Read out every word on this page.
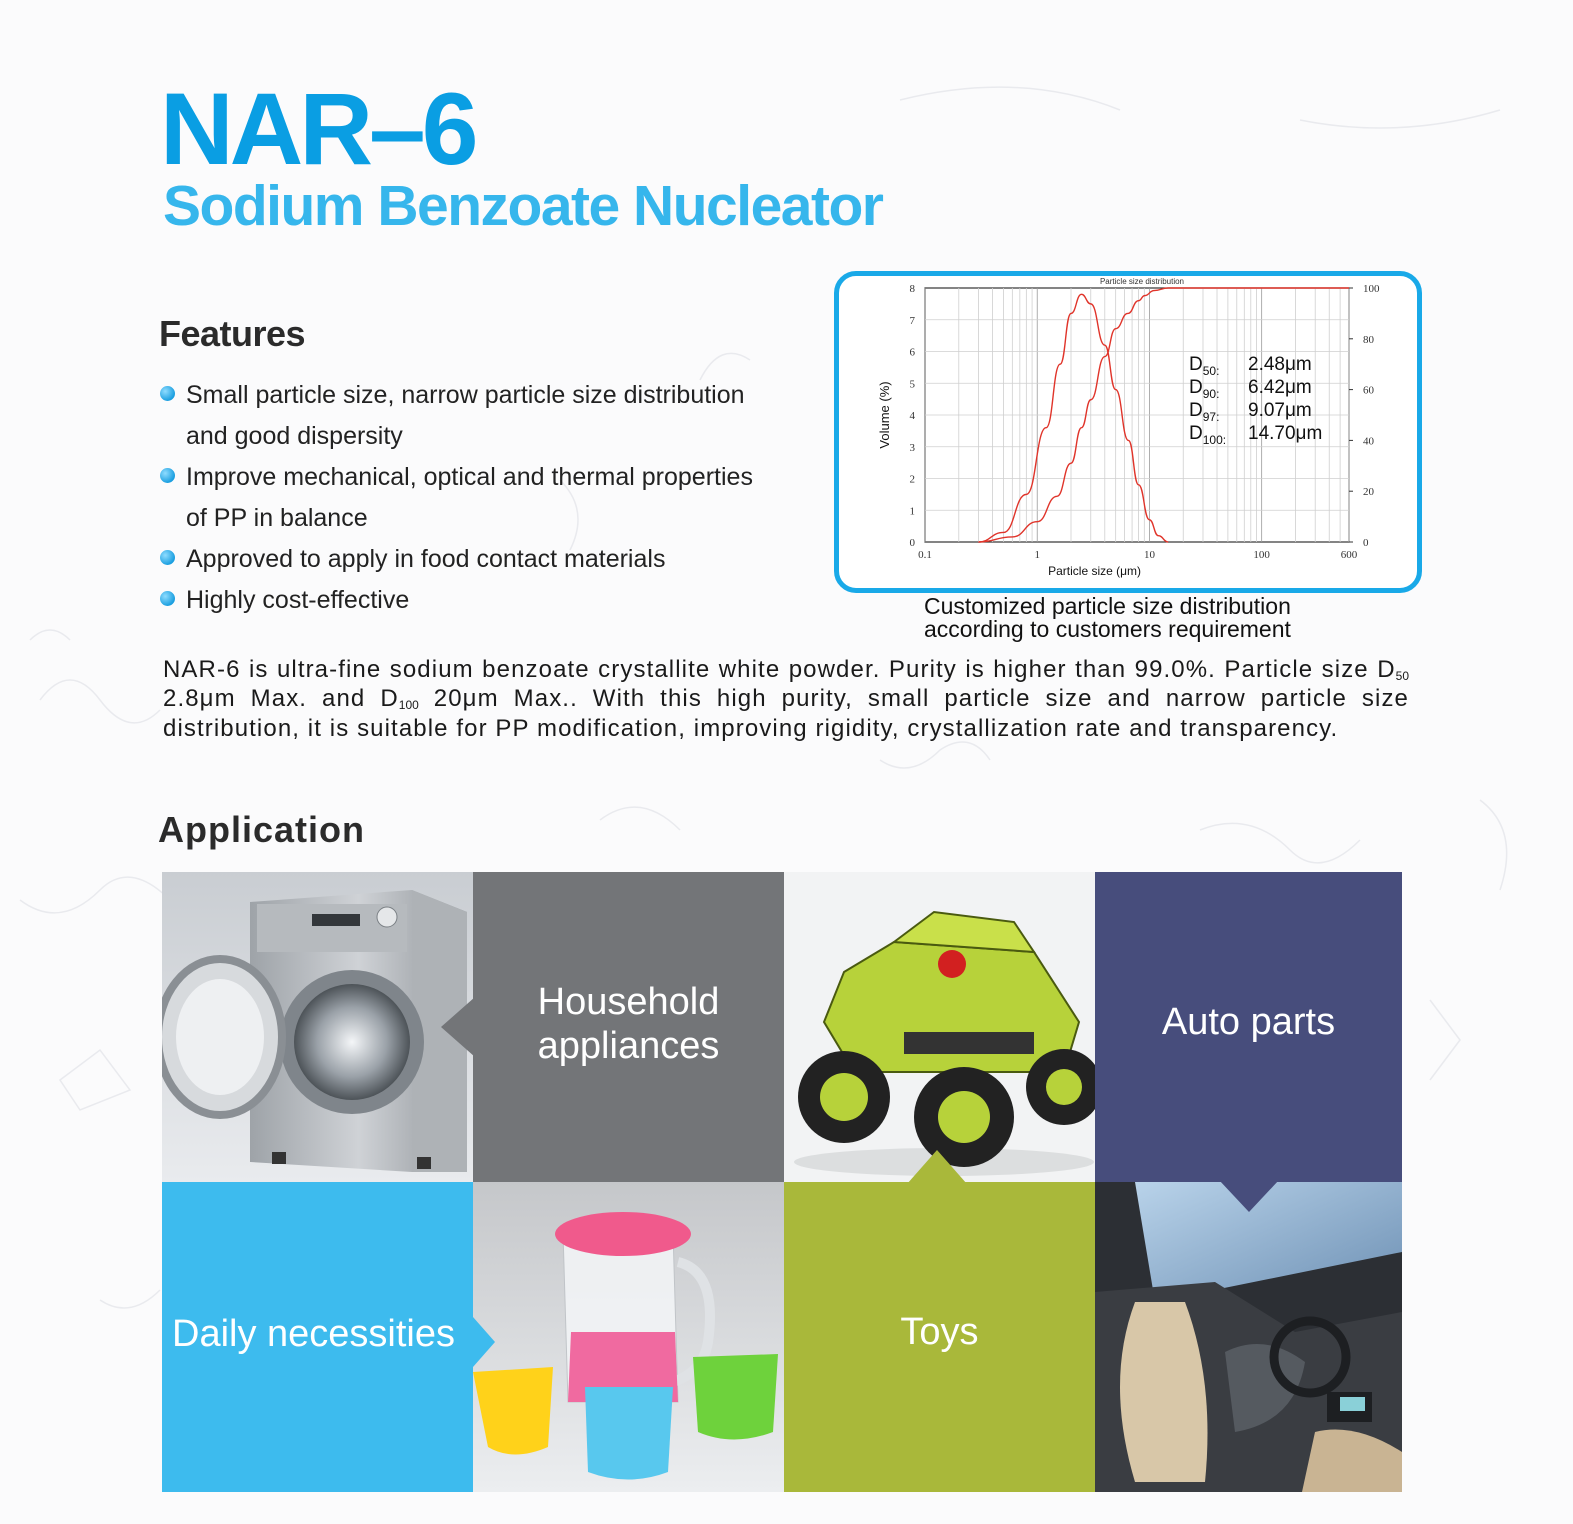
NAR–6
Sodium Benzoate Nucleator
Features
Small particle size, narrow particle size distribution
and good dispersity
Improve mechanical, optical and thermal properties
of PP in balance
Approved to apply in food contact materials
Highly cost-effective
Particle size distribution
0
1
2
3
4
5
6
7
8
0
20
40
60
80
100
0.1	1	10	100	600
Particle size (μm)
Volume (%)
$D_{50:}$ 2.48μm
$D_{90:}$ 6.42μm
$D_{97:}$ 9.07μm
$D_{100:}$ 14.70μm
Customized particle size distribution
according to customers requirement
NAR-6 is ultra-fine sodium benzoate crystallite white powder. Purity is higher than 99.0%. Particle size $D_{50}$ 2.8μm Max. and $D_{100}$ 20μm Max.. With this high purity, small particle size and narrow particle size distribution, it is suitable for PP modification, improving rigidity, crystallization rate and transparency.
Application
Household
appliances
Auto parts
Daily necessities	Toys
